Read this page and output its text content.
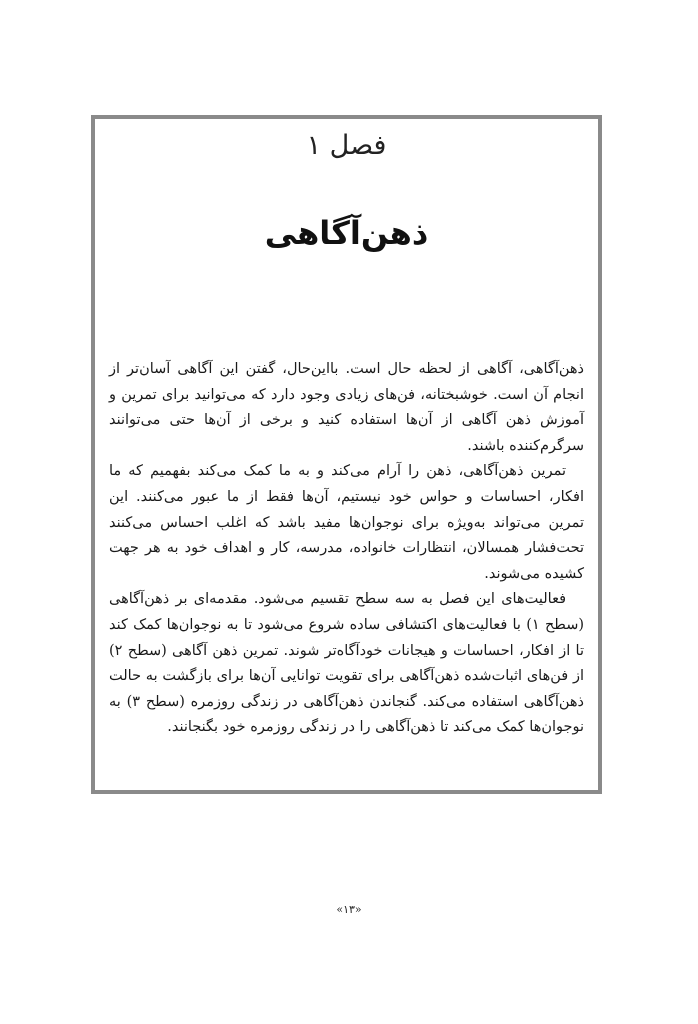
فصل ۱
ذهن‌آگاهی

ذهن‌آگاهی، آگاهی از لحظه حال است. بااین‌حال، گفتن این آگاهی آسان‌تر از انجام آن است. خوشبختانه، فن‌های زیادی وجود دارد که می‌توانید برای تمرین و آموزش ذهن آگاهی از آن‌ها استفاده کنید و برخی از آن‌ها حتی می‌توانند سرگرم‌کننده باشند.

تمرین ذهن‌آگاهی، ذهن را آرام می‌کند و به ما کمک می‌کند بفهمیم که ما افکار، احساسات و حواس خود نیستیم، آن‌ها فقط از ما عبور می‌کنند. این تمرین می‌تواند به‌ویژه برای نوجوان‌ها مفید باشد که اغلب احساس می‌کنند تحت‌فشار همسالان، انتظارات خانواده، مدرسه، کار و اهداف خود به هر جهت کشیده می‌شوند.

فعالیت‌های این فصل به سه سطح تقسیم می‌شود. مقدمه‌ای بر ذهن‌آگاهی (سطح ۱) با فعالیت‌های اکتشافی ساده شروع می‌شود تا به نوجوان‌ها کمک کند تا از افکار، احساسات و هیجانات خودآگاه‌تر شوند. تمرین ذهن آگاهی (سطح ۲) از فن‌های اثبات‌شده ذهن‌آگاهی برای تقویت توانایی آن‌ها برای بازگشت به حالت ذهن‌آگاهی استفاده می‌کند. گنجاندن ذهن‌آگاهی در زندگی روزمره (سطح ۳) به نوجوان‌ها کمک می‌کند تا ذهن‌آگاهی را در زندگی روزمره خود بگنجانند.

«۱۳»
